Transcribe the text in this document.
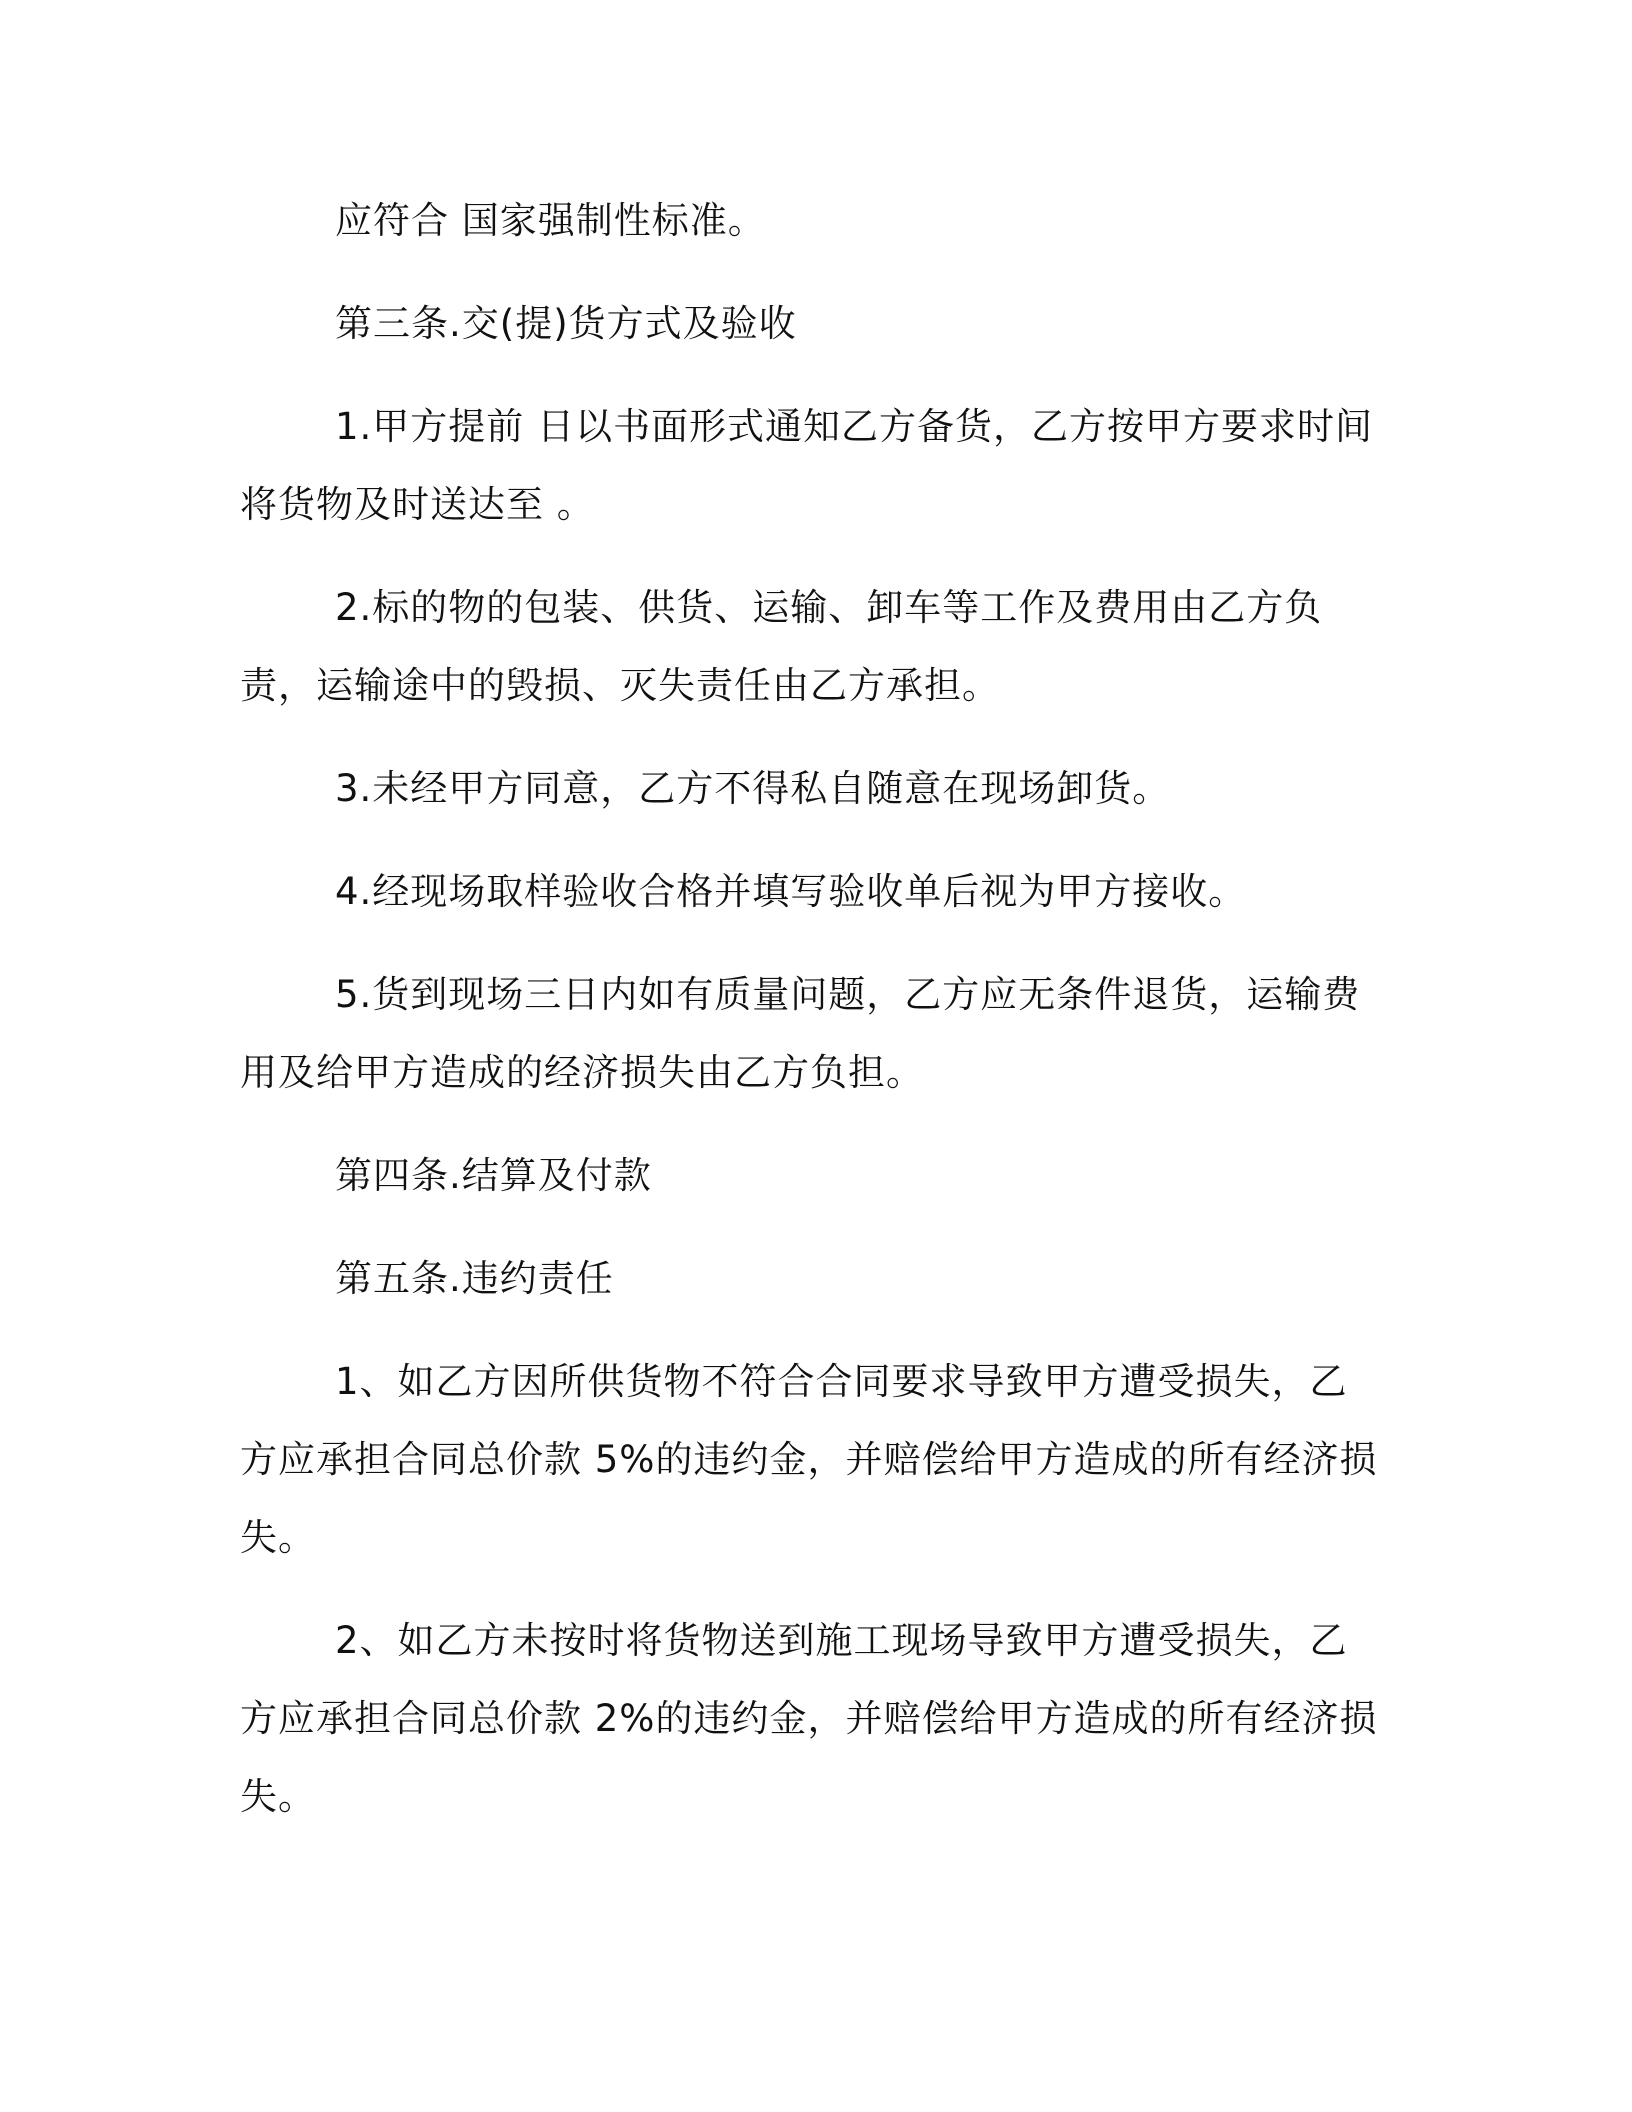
应符合 国家强制性标准。

第三条.交(提)货方式及验收

1.甲方提前 日以书面形式通知乙方备货，乙方按甲方要求时间将货物及时送达至 。

2.标的物的包装、供货、运输、卸车等工作及费用由乙方负责，运输途中的毁损、灭失责任由乙方承担。

3.未经甲方同意，乙方不得私自随意在现场卸货。

4.经现场取样验收合格并填写验收单后视为甲方接收。

5.货到现场三日内如有质量问题，乙方应无条件退货，运输费用及给甲方造成的经济损失由乙方负担。

第四条.结算及付款

第五条.违约责任

1、如乙方因所供货物不符合合同要求导致甲方遭受损失，乙方应承担合同总价款 5%的违约金，并赔偿给甲方造成的所有经济损失。

2、如乙方未按时将货物送到施工现场导致甲方遭受损失，乙方应承担合同总价款 2%的违约金，并赔偿给甲方造成的所有经济损失。
